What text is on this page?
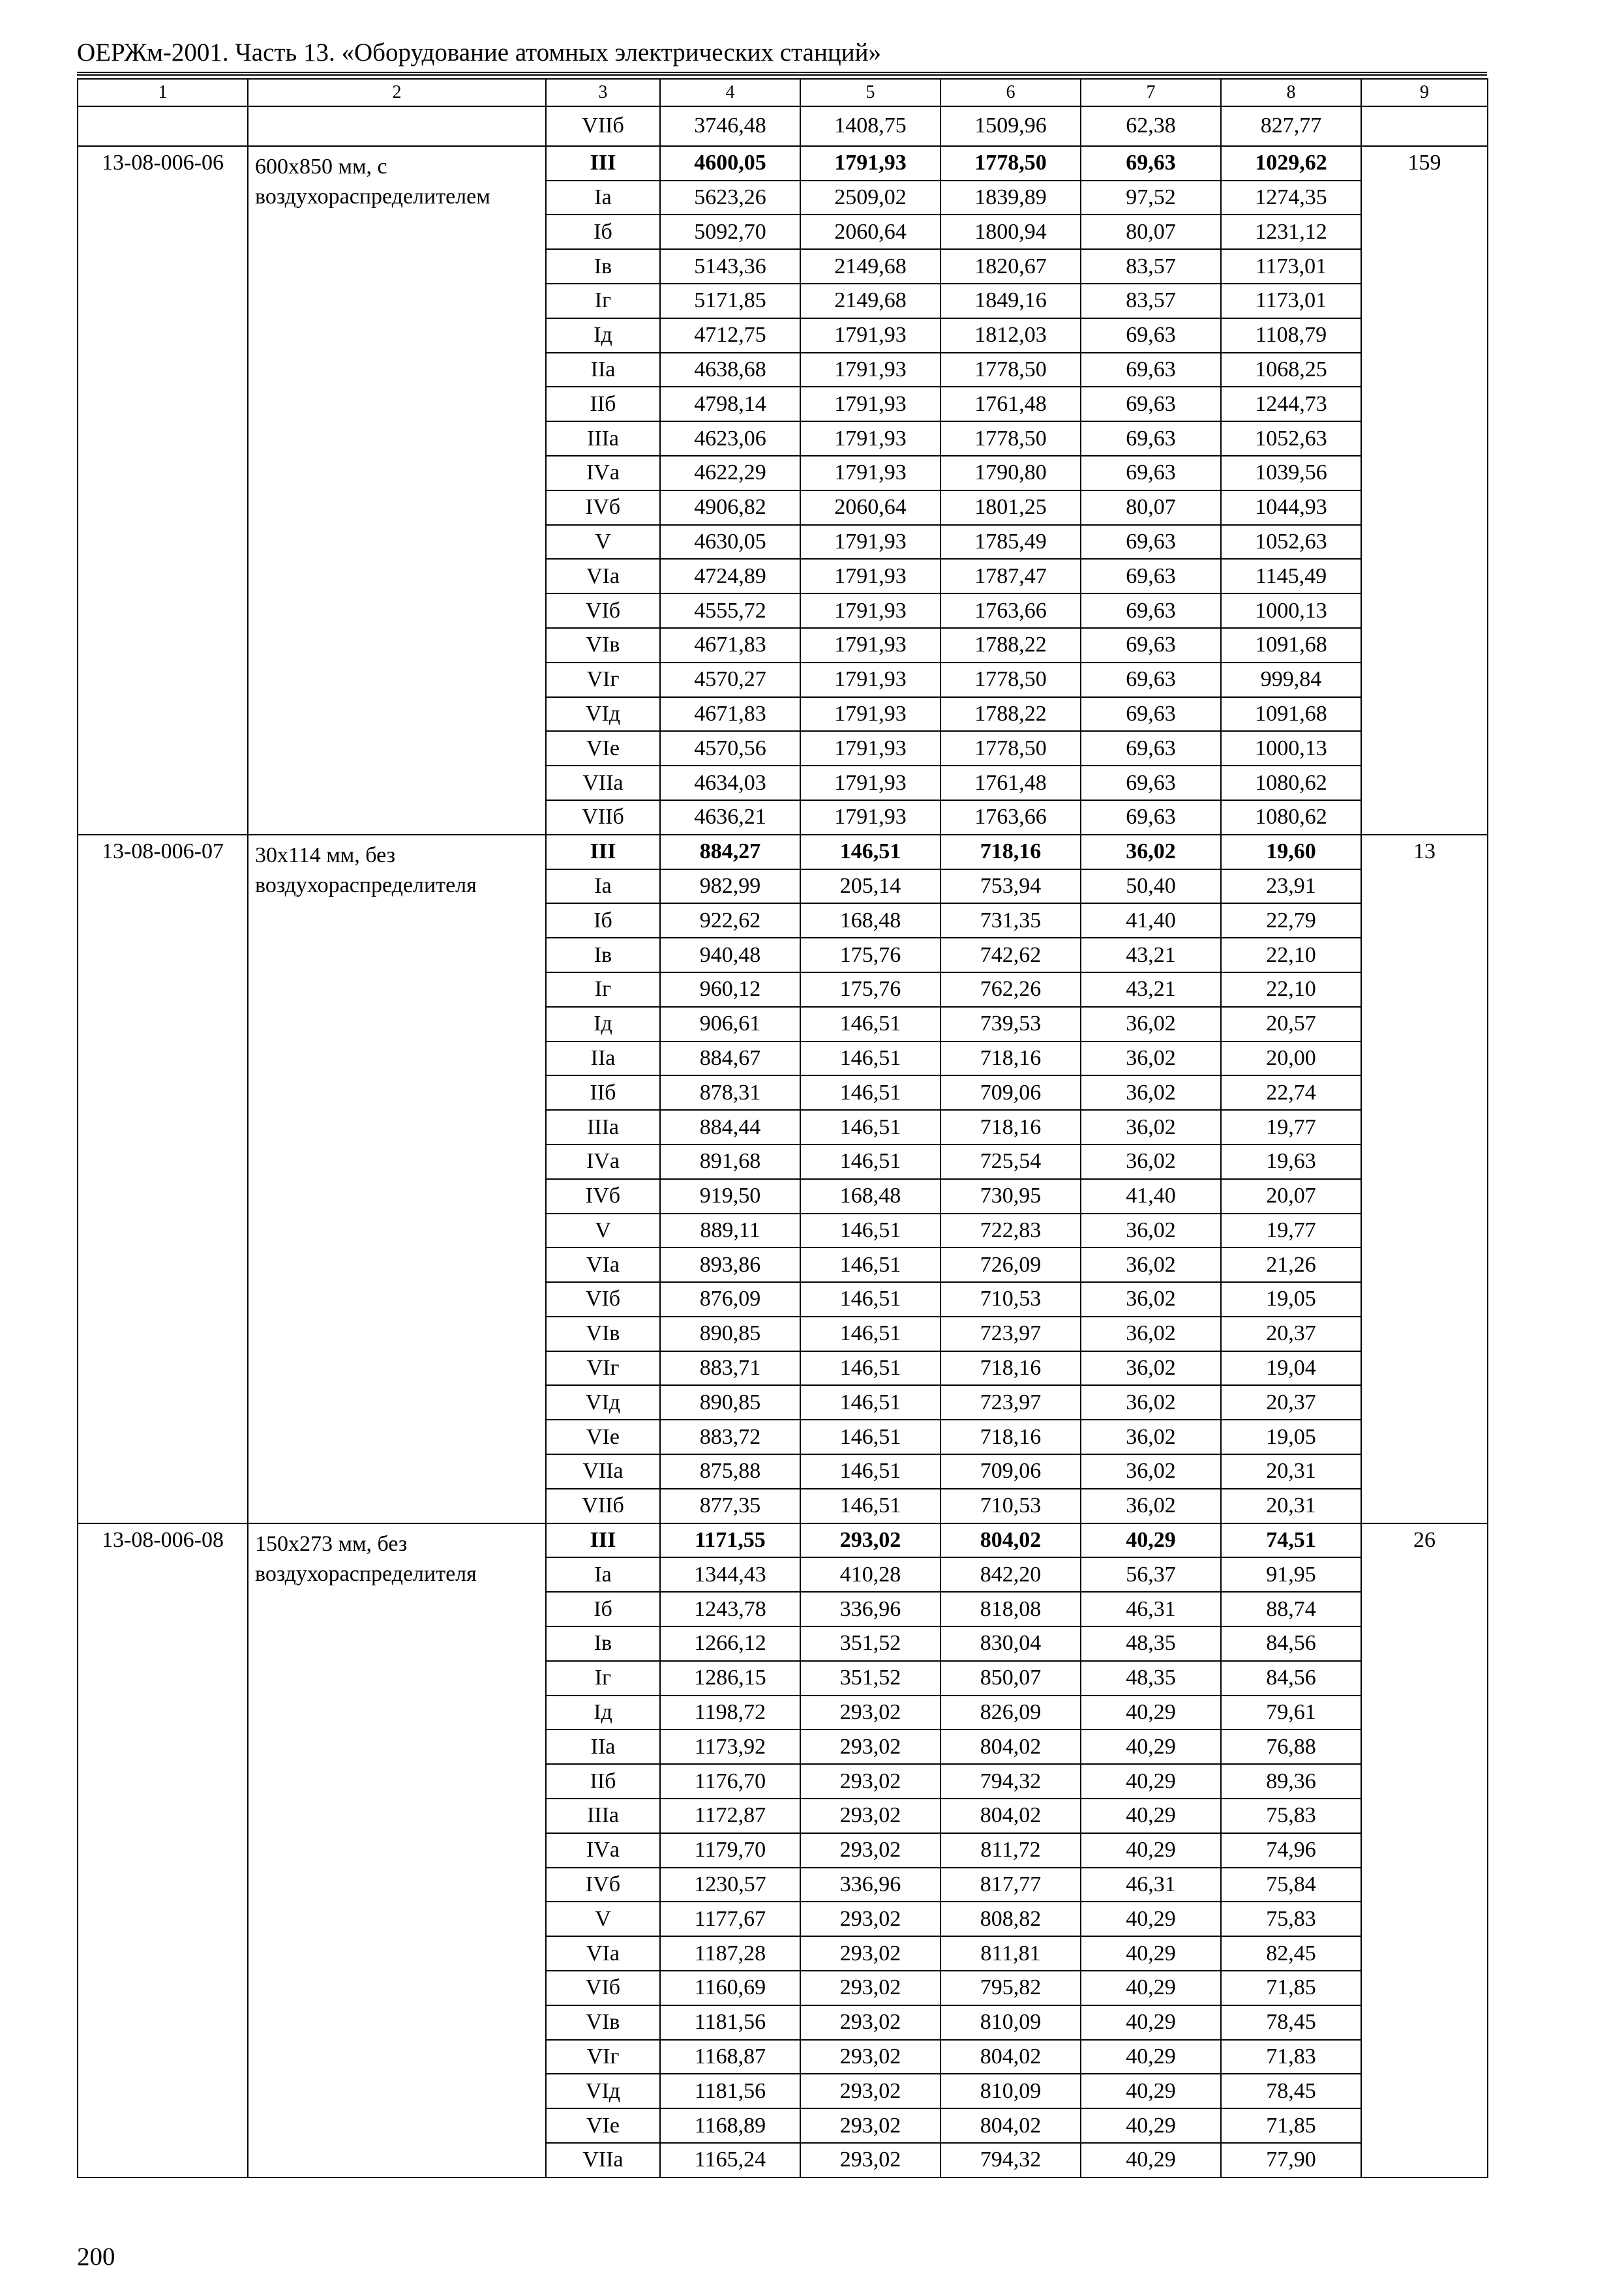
ОЕРЖм-2001. Часть 13. «Оборудование атомных электрических станций»
1	2	3	4	5	6	7	8	9
		VIIб	3746,48	1408,75	1509,96	62,38	827,77	
13-08-006-06	600х850 мм, с воздухораспределителем	III	4600,05	1791,93	1778,50	69,63	1029,62	159
		Iа	5623,26	2509,02	1839,89	97,52	1274,35	
		Iб	5092,70	2060,64	1800,94	80,07	1231,12	
		Iв	5143,36	2149,68	1820,67	83,57	1173,01	
		Iг	5171,85	2149,68	1849,16	83,57	1173,01	
		Iд	4712,75	1791,93	1812,03	69,63	1108,79	
		IIа	4638,68	1791,93	1778,50	69,63	1068,25	
		IIб	4798,14	1791,93	1761,48	69,63	1244,73	
		IIIа	4623,06	1791,93	1778,50	69,63	1052,63	
		IVа	4622,29	1791,93	1790,80	69,63	1039,56	
		IVб	4906,82	2060,64	1801,25	80,07	1044,93	
		V	4630,05	1791,93	1785,49	69,63	1052,63	
		VIа	4724,89	1791,93	1787,47	69,63	1145,49	
		VIб	4555,72	1791,93	1763,66	69,63	1000,13	
		VIв	4671,83	1791,93	1788,22	69,63	1091,68	
		VIг	4570,27	1791,93	1778,50	69,63	999,84	
		VIд	4671,83	1791,93	1788,22	69,63	1091,68	
		VIе	4570,56	1791,93	1778,50	69,63	1000,13	
		VIIа	4634,03	1791,93	1761,48	69,63	1080,62	
		VIIб	4636,21	1791,93	1763,66	69,63	1080,62	
13-08-006-07	30х114 мм, без воздухораспределителя	III	884,27	146,51	718,16	36,02	19,60	13
		Iа	982,99	205,14	753,94	50,40	23,91	
		Iб	922,62	168,48	731,35	41,40	22,79	
		Iв	940,48	175,76	742,62	43,21	22,10	
		Iг	960,12	175,76	762,26	43,21	22,10	
		Iд	906,61	146,51	739,53	36,02	20,57	
		IIа	884,67	146,51	718,16	36,02	20,00	
		IIб	878,31	146,51	709,06	36,02	22,74	
		IIIа	884,44	146,51	718,16	36,02	19,77	
		IVа	891,68	146,51	725,54	36,02	19,63	
		IVб	919,50	168,48	730,95	41,40	20,07	
		V	889,11	146,51	722,83	36,02	19,77	
		VIа	893,86	146,51	726,09	36,02	21,26	
		VIб	876,09	146,51	710,53	36,02	19,05	
		VIв	890,85	146,51	723,97	36,02	20,37	
		VIг	883,71	146,51	718,16	36,02	19,04	
		VIд	890,85	146,51	723,97	36,02	20,37	
		VIе	883,72	146,51	718,16	36,02	19,05	
		VIIа	875,88	146,51	709,06	36,02	20,31	
		VIIб	877,35	146,51	710,53	36,02	20,31	
13-08-006-08	150х273 мм, без воздухораспределителя	III	1171,55	293,02	804,02	40,29	74,51	26
		Iа	1344,43	410,28	842,20	56,37	91,95	
		Iб	1243,78	336,96	818,08	46,31	88,74	
		Iв	1266,12	351,52	830,04	48,35	84,56	
		Iг	1286,15	351,52	850,07	48,35	84,56	
		Iд	1198,72	293,02	826,09	40,29	79,61	
		IIа	1173,92	293,02	804,02	40,29	76,88	
		IIб	1176,70	293,02	794,32	40,29	89,36	
		IIIа	1172,87	293,02	804,02	40,29	75,83	
		IVа	1179,70	293,02	811,72	40,29	74,96	
		IVб	1230,57	336,96	817,77	46,31	75,84	
		V	1177,67	293,02	808,82	40,29	75,83	
		VIа	1187,28	293,02	811,81	40,29	82,45	
		VIб	1160,69	293,02	795,82	40,29	71,85	
		VIв	1181,56	293,02	810,09	40,29	78,45	
		VIг	1168,87	293,02	804,02	40,29	71,83	
		VIд	1181,56	293,02	810,09	40,29	78,45	
		VIе	1168,89	293,02	804,02	40,29	71,85	
		VIIа	1165,24	293,02	794,32	40,29	77,90	
200
